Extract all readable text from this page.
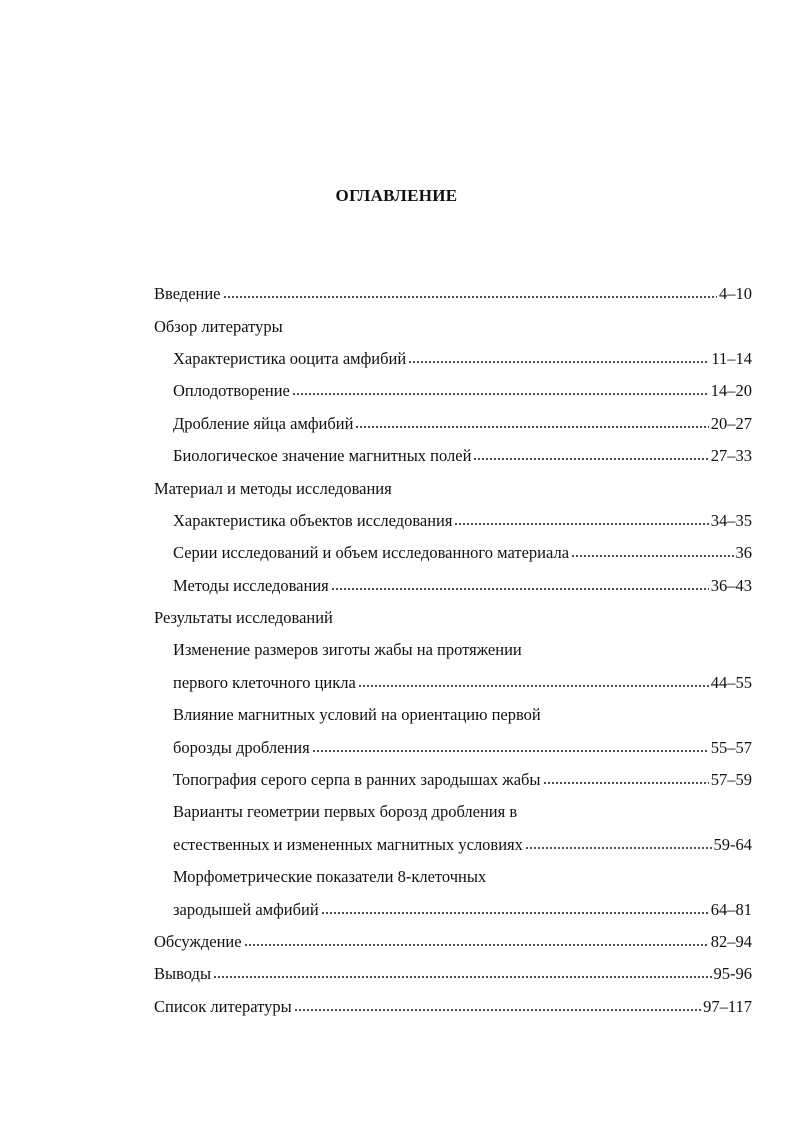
ОГЛАВЛЕНИЕ
Введение	4–10
Обзор литературы
Характеристика ооцита амфибий	11–14
Оплодотворение	14–20
Дробление яйца амфибий	20–27
Биологическое значение магнитных полей	27–33
Материал и методы исследования
Характеристика объектов исследования	34–35
Серии исследований и объем исследованного материала	36
Методы исследования	36–43
Результаты исследований
Изменение размеров зиготы жабы на протяжении
первого клеточного цикла	44–55
Влияние магнитных условий на ориентацию первой
борозды дробления	55–57
Топография серого серпа в ранних зародышах жабы	57–59
Варианты геометрии первых борозд дробления в
естественных и измененных магнитных условиях	59-64
Морфометрические показатели 8-клеточных
зародышей амфибий	64–81
Обсуждение	82–94
Выводы	95-96
Список литературы	97–117
